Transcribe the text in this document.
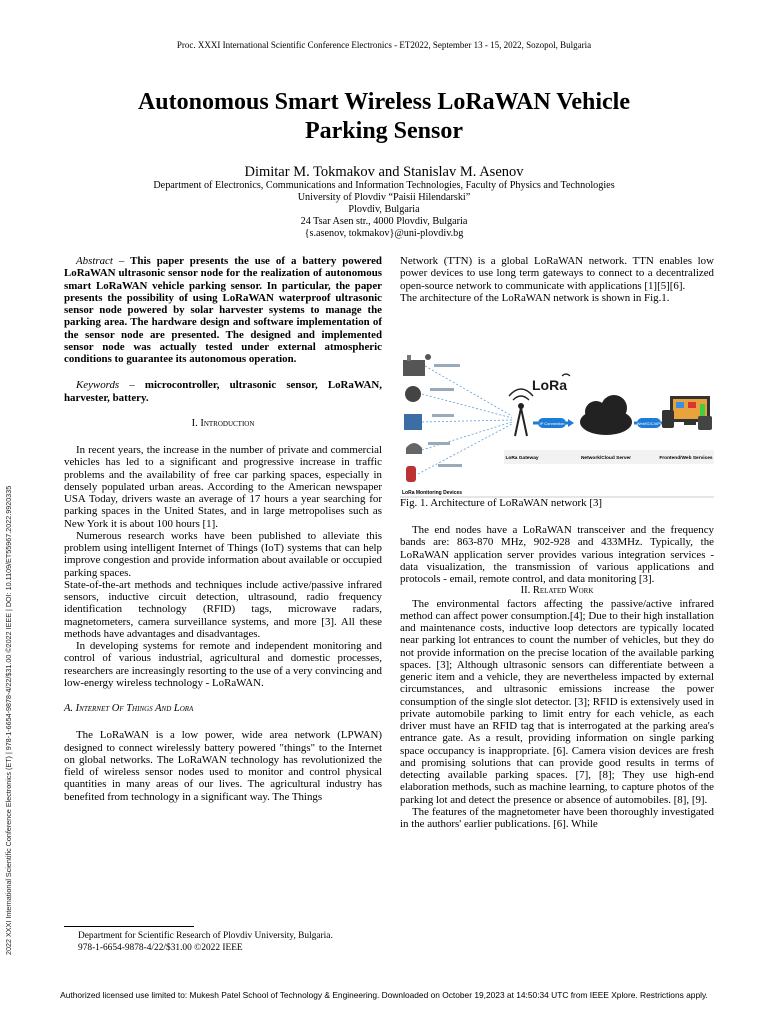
Proc. XXXI International Scientific Conference Electronics - ET2022, September 13 - 15, 2022, Sozopol, Bulgaria
Autonomous Smart Wireless LoRaWAN Vehicle
Parking Sensor
Dimitar M. Tokmakov and Stanislav M. Asenov
Department of Electronics, Communications and Information Technologies, Faculty of Physics and Technologies
University of Plovdiv “Paisii Hilendarski”
Plovdiv, Bulgaria
24 Tsar Asen str., 4000 Plovdiv, Bulgaria
{s.asenov, tokmakov}@uni-plovdiv.bg
2022 XXXI International Scientific Conference Electronics (ET) | 978-1-6654-9878-4/22/$31.00 ©2022 IEEE | DOI: 10.1109/ET55967.2022.9920335

Abstract – This paper presents the use of a battery powered LoRaWAN ultrasonic sensor node for the realization of autonomous smart LoRaWAN vehicle parking sensor. In particular, the paper presents the possibility of using LoRaWAN waterproof ultrasonic sensor node powered by solar harvester systems to manage the parking area. The hardware design and software implementation of the sensor node are presented. The designed and implemented sensor node was actually tested under external atmospheric conditions to guarantee its autonomous operation.

Keywords – microcontroller, ultrasonic sensor, LoRaWAN, harvester, battery.

I. Introduction

In recent years, the increase in the number of private and commercial vehicles has led to a significant and progressive increase in traffic problems and the availability of free car parking spaces, especially in densely populated urban areas. According to the American newspaper USA Today, drivers waste an average of 17 hours a year searching for parking spaces in the United States, and in large metropolises such as New York it is about 100 hours [1].

Numerous research works have been published to alleviate this problem using intelligent Internet of Things (IoT) systems that can help improve congestion and provide information about available or occupied parking spaces.

State-of-the-art methods and techniques include active/passive infrared sensors, inductive circuit detection, ultrasound, radio frequency identification technology (RFID) tags, microwave radars, magnetometers, camera surveillance systems, and more [3]. All these methods have advantages and disadvantages.

In developing systems for remote and independent monitoring and control of various industrial, agricultural and domestic processes, researchers are increasingly resorting to the use of a very convincing and low-energy wireless technology - LoRaWAN.

A. Internet Of Things And Lora

The LoRaWAN is a low power, wide area network (LPWAN) designed to connect wirelessly battery powered "things" to the Internet on global networks. The LoRaWAN technology has revolutionized the field of wireless sensor nodes used to monitor and control physical quantities in many areas of our lives. The agricultural industry has benefited from technology in a significant way. The Things

Department for Scientific Research of Plovdiv University, Bulgaria.
978-1-6654-9878-4/22/$31.00 ©2022 IEEE

Network (TTN) is a global LoRaWAN network. TTN enables low power devices to use long term gateways to connect to a decentralized open-source network to communicate with applications [1][5][6].

The architecture of the LoRaWAN network is shown in Fig.1.

IP Connection
LoRa
WebSOC/API
LoRa Gateway	Network/Cloud Server	Frontend/Web Services
LoRa Monitoring Devices
Fig. 1. Architecture of LoRaWAN network [3]

The end nodes have a LoRaWAN transceiver and the frequency bands are: 863-870 MHz, 902-928 and 433MHz. Typically, the LoRaWAN application server provides various integration services - data visualization, the transmission of various applications and protocols - email, remote control, and data monitoring [3].

II. Related Work

The environmental factors affecting the passive/active infrared method can affect power consumption.[4]; Due to their high installation and maintenance costs, inductive loop detectors are typically located near parking lot entrances to count the number of vehicles, but they do not provide information on the precise location of the available parking spaces. [3]; Although ultrasonic sensors can differentiate between a generic item and a vehicle, they are nevertheless impacted by external circumstances, and ultrasonic emissions increase the power consumption of the single slot detector. [3]; RFID is extensively used in private automobile parking to limit entry for each vehicle, as each driver must have an RFID tag that is interrogated at the parking area's entrance gate. As a result, providing information on single parking space occupancy is inappropriate. [6]. Camera vision devices are fresh and promising solutions that can provide good results in terms of detecting available parking spaces. [7], [8]; They use high-end elaboration methods, such as machine learning, to capture photos of the parking lot and detect the presence or absence of automobiles. [8], [9].

The features of the magnetometer have been thoroughly investigated in the authors' earlier publications. [6]. While

Authorized licensed use limited to: Mukesh Patel School of Technology & Engineering. Downloaded on October 19,2023 at 14:50:34 UTC from IEEE Xplore. Restrictions apply.
